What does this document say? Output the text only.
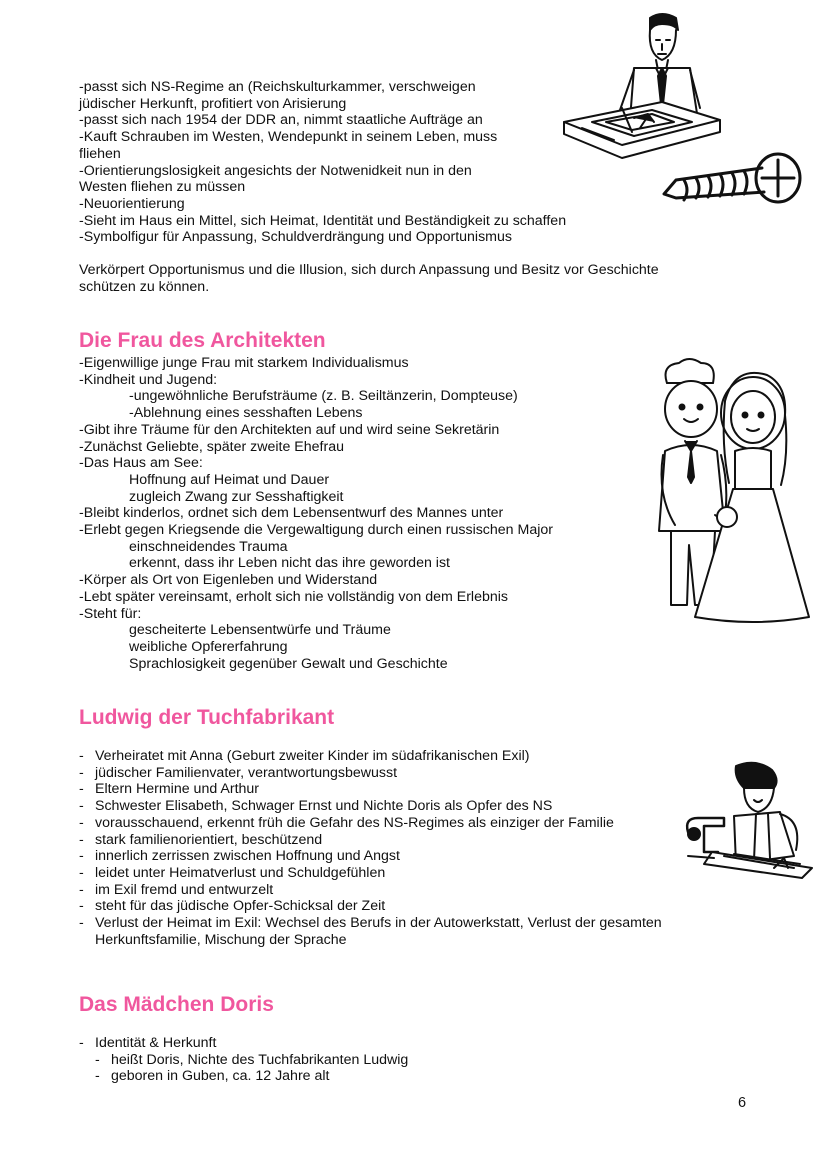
-passt sich NS-Regime an (Reichskulturkammer, verschweigen
jüdischer Herkunft, profitiert von Arisierung
-passt sich nach 1954 der DDR an, nimmt staatliche Aufträge an
-Kauft Schrauben im Westen, Wendepunkt in seinem Leben, muss
fliehen
-Orientierungslosigkeit angesichts der Notwenidkeit nun in den
Westen fliehen zu müssen
-Neuorientierung
-Sieht im Haus ein Mittel, sich Heimat, Identität und Beständigkeit zu schaffen
-Symbolfigur für Anpassung, Schuldverdrängung und Opportunismus
Verkörpert Opportunismus und die Illusion, sich durch Anpassung und Besitz vor Geschichte
schützen zu können.
Die Frau des Architekten
-Eigenwillige junge Frau mit starkem Individualismus
-Kindheit und Jugend:
-ungewöhnliche Berufsträume (z. B. Seiltänzerin, Dompteuse)
-Ablehnung eines sesshaften Lebens
-Gibt ihre Träume für den Architekten auf und wird seine Sekretärin
-Zunächst Geliebte, später zweite Ehefrau
-Das Haus am See:
Hoffnung auf Heimat und Dauer
zugleich Zwang zur Sesshaftigkeit
-Bleibt kinderlos, ordnet sich dem Lebensentwurf des Mannes unter
-Erlebt gegen Kriegsende die Vergewaltigung durch einen russischen Major
einschneidendes Trauma
erkennt, dass ihr Leben nicht das ihre geworden ist
-Körper als Ort von Eigenleben und Widerstand
-Lebt später vereinsamt, erholt sich nie vollständig von dem Erlebnis
-Steht für:
gescheiterte Lebensentwürfe und Träume
weibliche Opfererfahrung
Sprachlosigkeit gegenüber Gewalt und Geschichte
Ludwig der Tuchfabrikant
- Verheiratet mit Anna (Geburt zweiter Kinder im südafrikanischen Exil)
- jüdischer Familienvater, verantwortungsbewusst
- Eltern Hermine und Arthur
- Schwester Elisabeth, Schwager Ernst und Nichte Doris als Opfer des NS
- vorausschauend, erkennt früh die Gefahr des NS-Regimes als einziger der Familie
- stark familienorientiert, beschützend
- innerlich zerrissen zwischen Hoffnung und Angst
- leidet unter Heimatverlust und Schuldgefühlen
- im Exil fremd und entwurzelt
- steht für das jüdische Opfer-Schicksal der Zeit
- Verlust der Heimat im Exil: Wechsel des Berufs in der Autowerkstatt, Verlust der gesamten
Herkunftsfamilie, Mischung der Sprache
Das Mädchen Doris
- Identität & Herkunft
- heißt Doris, Nichte des Tuchfabrikanten Ludwig
- geboren in Guben, ca. 12 Jahre alt
6
